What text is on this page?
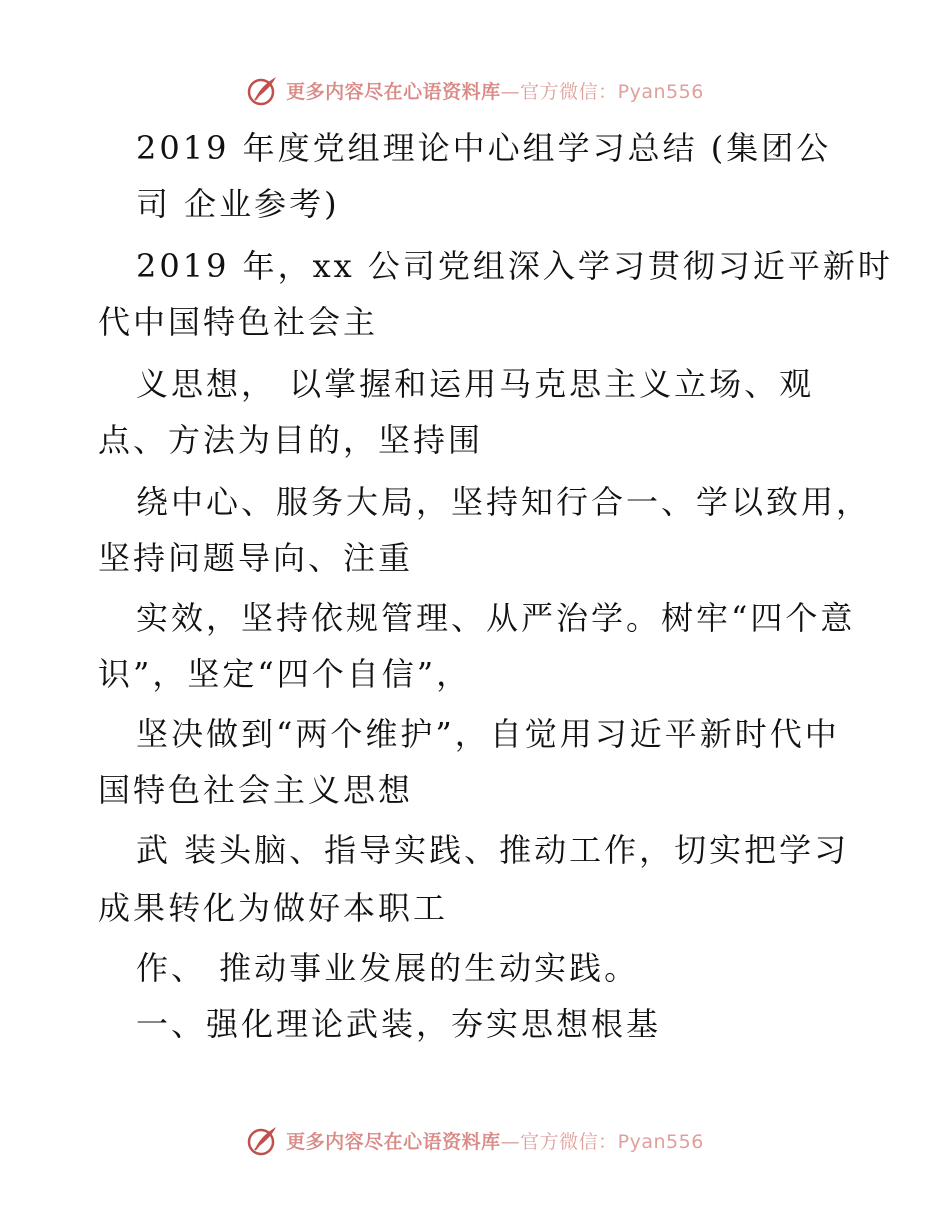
更多内容尽在心语资料库—官方微信：Pyan556
2019 年度党组理论中心组学习总结 (集团公
司 企业参考)
2019 年，xx 公司党组深入学习贯彻习近平新时
代中国特色社会主
义思想， 以掌握和运用马克思主义立场、观
点、方法为目的，坚持围
绕中心、服务大局，坚持知行合一、学以致用，
坚持问题导向、注重
实效，坚持依规管理、从严治学。树牢“四个意
识”，坚定“四个自信”，
坚决做到“两个维护”，自觉用习近平新时代中
国特色社会主义思想
武 装头脑、指导实践、推动工作，切实把学习
成果转化为做好本职工
作、 推动事业发展的生动实践。
一、强化理论武装，夯实思想根基
更多内容尽在心语资料库—官方微信：Pyan556
